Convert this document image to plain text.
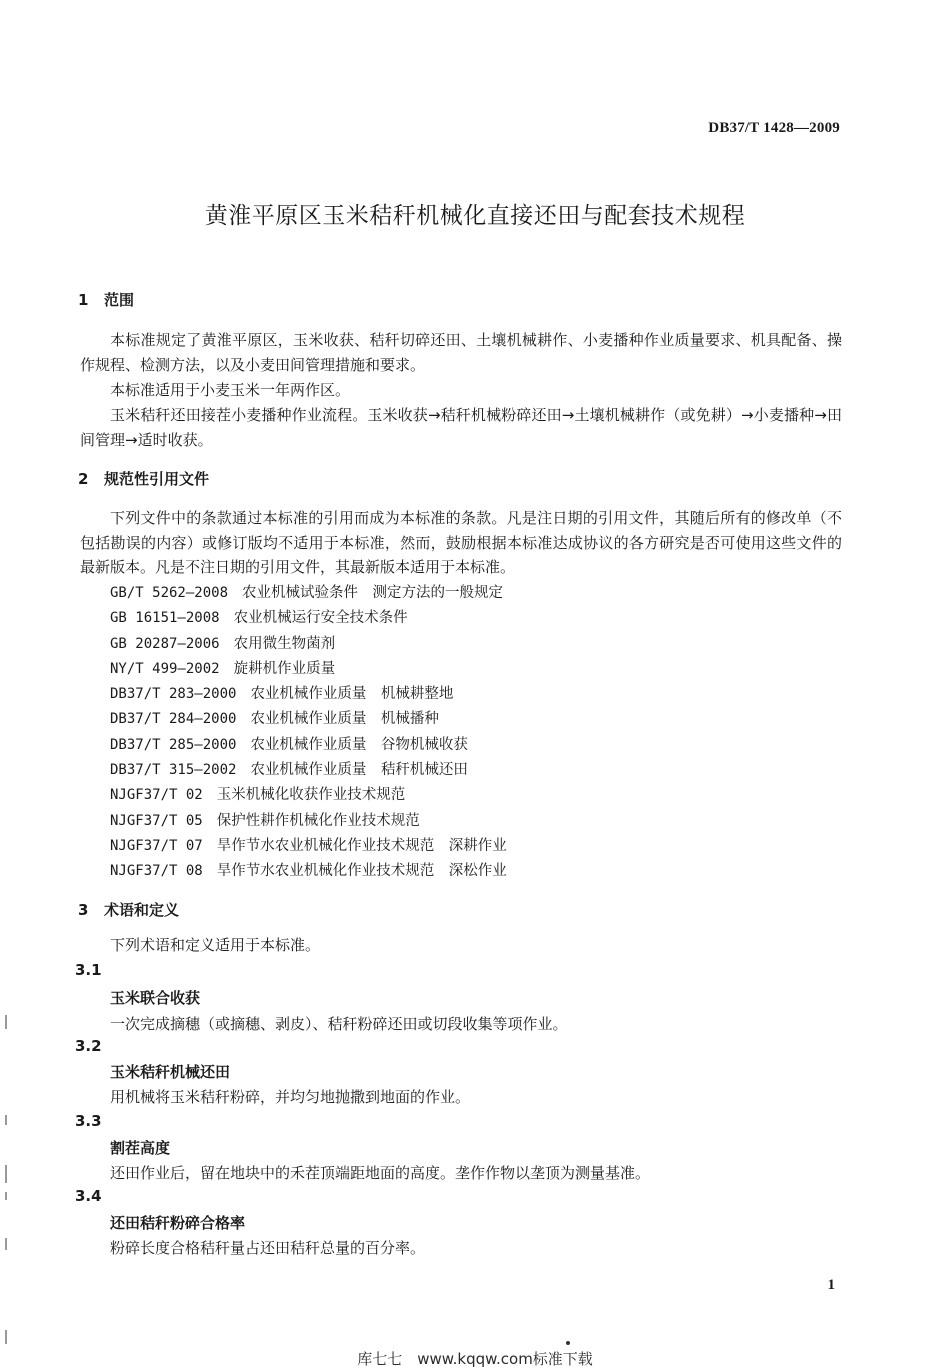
DB37/T 1428—2009
黄淮平原区玉米秸秆机械化直接还田与配套技术规程
1 范围
本标准规定了黄淮平原区，玉米收获、秸秆切碎还田、土壤机械耕作、小麦播种作业质量要求、机具配备、操作规程、检测方法，以及小麦田间管理措施和要求。
本标准适用于小麦玉米一年两作区。
玉米秸秆还田接茬小麦播种作业流程。玉米收获→秸秆机械粉碎还田→土壤机械耕作（或免耕）→小麦播种→田间管理→适时收获。
2 规范性引用文件
下列文件中的条款通过本标准的引用而成为本标准的条款。凡是注日期的引用文件，其随后所有的修改单（不包括勘误的内容）或修订版均不适用于本标准，然而，鼓励根据本标准达成协议的各方研究是否可使用这些文件的最新版本。凡是不注日期的引用文件，其最新版本适用于本标准。
GB/T 5262—2008 农业机械试验条件　测定方法的一般规定
GB 16151—2008 农业机械运行安全技术条件
GB 20287—2006 农用微生物菌剂
NY/T 499—2002 旋耕机作业质量
DB37/T 283—2000 农业机械作业质量　机械耕整地
DB37/T 284—2000 农业机械作业质量　机械播种
DB37/T 285—2000 农业机械作业质量　谷物机械收获
DB37/T 315—2002 农业机械作业质量　秸秆机械还田
NJGF37/T 02 玉米机械化收获作业技术规范
NJGF37/T 05 保护性耕作机械化作业技术规范
NJGF37/T 07 旱作节水农业机械化作业技术规范　深耕作业
NJGF37/T 08 旱作节水农业机械化作业技术规范　深松作业
3 术语和定义
下列术语和定义适用于本标准。
3.1
玉米联合收获
一次完成摘穗（或摘穗、剥皮）、秸秆粉碎还田或切段收集等项作业。
3.2
玉米秸秆机械还田
用机械将玉米秸秆粉碎，并均匀地抛撒到地面的作业。
3.3
割茬高度
还田作业后，留在地块中的禾茬顶端距地面的高度。垄作作物以垄顶为测量基准。
3.4
还田秸秆粉碎合格率
粉碎长度合格秸秆量占还田秸秆总量的百分率。
1
库七七　www.kqqw.com标准下载
